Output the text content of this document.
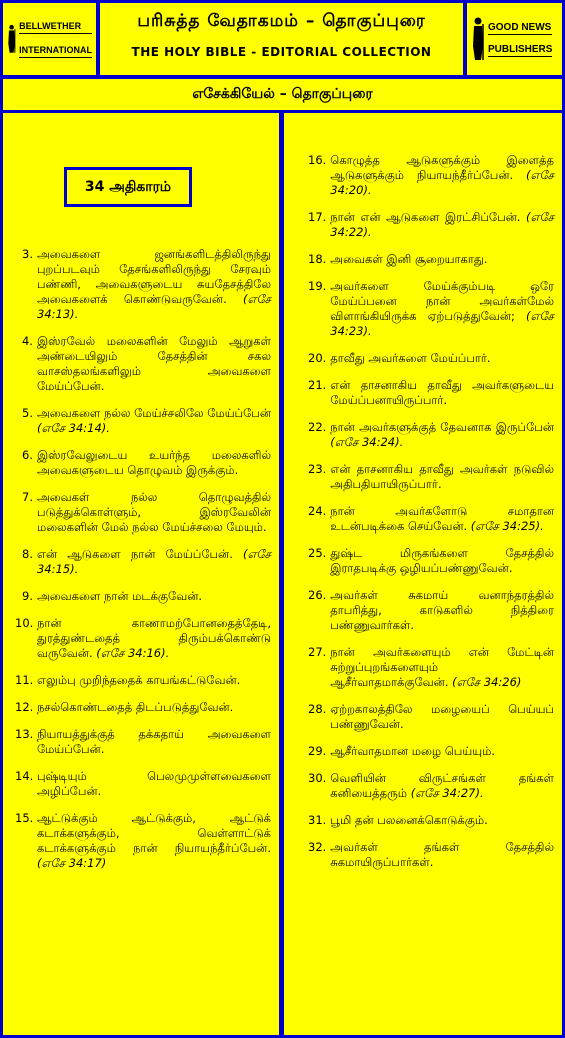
BELLWETHER
INTERNATIONAL
பரிசுத்த வேதாகமம் – தொகுப்புரை
THE HOLY BIBLE - EDITORIAL COLLECTION
GOOD NEWS
PUBLISHERS
எசேக்கியேல் – தொகுப்புரை
34 அதிகாரம்
3. அவைகளை ஜனங்களிடத்திலிருந்து புறப்படவும் தேசங்களிலிருந்து சேரவும் பண்ணி, அவைகளுடைய சுயதேசத்திலே அவைகளைக் கொண்டுவருவேன். (எசே 34:13).
4. இஸ்ரவேல் மலைகளின் மேலும் ஆறுகள் அண்டையிலும் தேசத்தின் சகல வாசஸ்தலங்களிலும் அவைகளை மேய்ப்பேன்.
5. அவைகளை நல்ல மேய்ச்சலிலே மேய்ப்பேன் (எசே 34:14).
6. இஸ்ரவேலுடைய உயர்ந்த மலைகளில் அவைகளுடைய தொழுவம் இருக்கும்.
7. அவைகள் நல்ல தொழுவத்தில் படுத்துக்கொள்ளும், இஸ்ரவேலின் மலைகளின் மேல் நல்ல மேய்ச்சலை மேயும்.
8. என் ஆடுகளை நான் மேய்ப்பேன். (எசே 34:15).
9. அவைகளை நான் மடக்குவேன்.
10. நான் காணாமற்போனதைத்தேடி, துரத்துண்டதைத் திரும்பக்கொண்டு வருவேன். (எசே 34:16).
11. எலும்பு முறிந்ததைக் காயங்கட்டுவேன்.
12. நசல்கொண்டதைத் திடப்படுத்துவேன்.
13. நியாயத்துக்குத் தக்கதாய் அவைகளை மேய்ப்பேன்.
14. புஷ்டியும் பெலமுமுள்ளவைகளை அழிப்பேன்.
15. ஆட்டுக்கும் ஆட்டுக்கும், ஆட்டுக் கடாக்களுக்கும், வெள்ளாட்டுக் கடாக்களுக்கும் நான் நியாயந்தீர்ப்பேன். (எசே 34:17)
16. கொழுத்த ஆடுகளுக்கும் இளைத்த ஆடுகளுக்கும் நியாயந்தீர்ப்பேன். (எசே 34:20).
17. நான் என் ஆடுகளை இரட்சிப்பேன். (எசே 34:22).
18. அவைகள் இனி சூறையாகாது.
19. அவர்களை மேய்க்கும்படி ஒரே மேய்ப்பனை நான் அவர்கள்மேல் விளாங்கியிருக்க ஏற்படுத்துவேன்; (எசே 34:23).
20. தாவீது அவர்களை மேய்ப்பார்.
21. என் தாசனாகிய தாவீது அவர்களுடைய மேய்ப்பனாயிருப்பார்.
22. நான் அவர்களுக்குத் தேவனாக இருப்பேன் (எசே 34:24).
23. என் தாசனாகிய தாவீது அவர்கள் நடுவில் அதிபதியாயிருப்பார்.
24. நான் அவர்களோடு சமாதான உடன்படிக்கை செய்வேன். (எசே 34:25).
25. துஷ்ட மிருகங்களை தேசத்தில் இராதபடிக்கு ஒழியப்பண்ணுவேன்.
26. அவர்கள் சுகமாய் வனாந்தரத்தில் தாபரித்து, காடுகளில் நித்திரை பண்ணுவார்கள்.
27. நான் அவர்களையும் என் மேட்டின் சுற்றுப்புறங்களையும் ஆசீர்வாதமாக்குவேன். (எசே 34:26)
28. ஏற்றகாலத்திலே மழையைப் பெய்யப் பண்ணுவேன்.
29. ஆசீர்வாதமான மழை பெய்யும்.
30. வெளியின் விருட்சங்கள் தங்கள் கனியைத்தரும் (எசே 34:27).
31. பூமி தன் பலனைக்கொடுக்கும்.
32. அவர்கள் தங்கள் தேசத்தில் சுகமாயிருப்பார்கள்.
